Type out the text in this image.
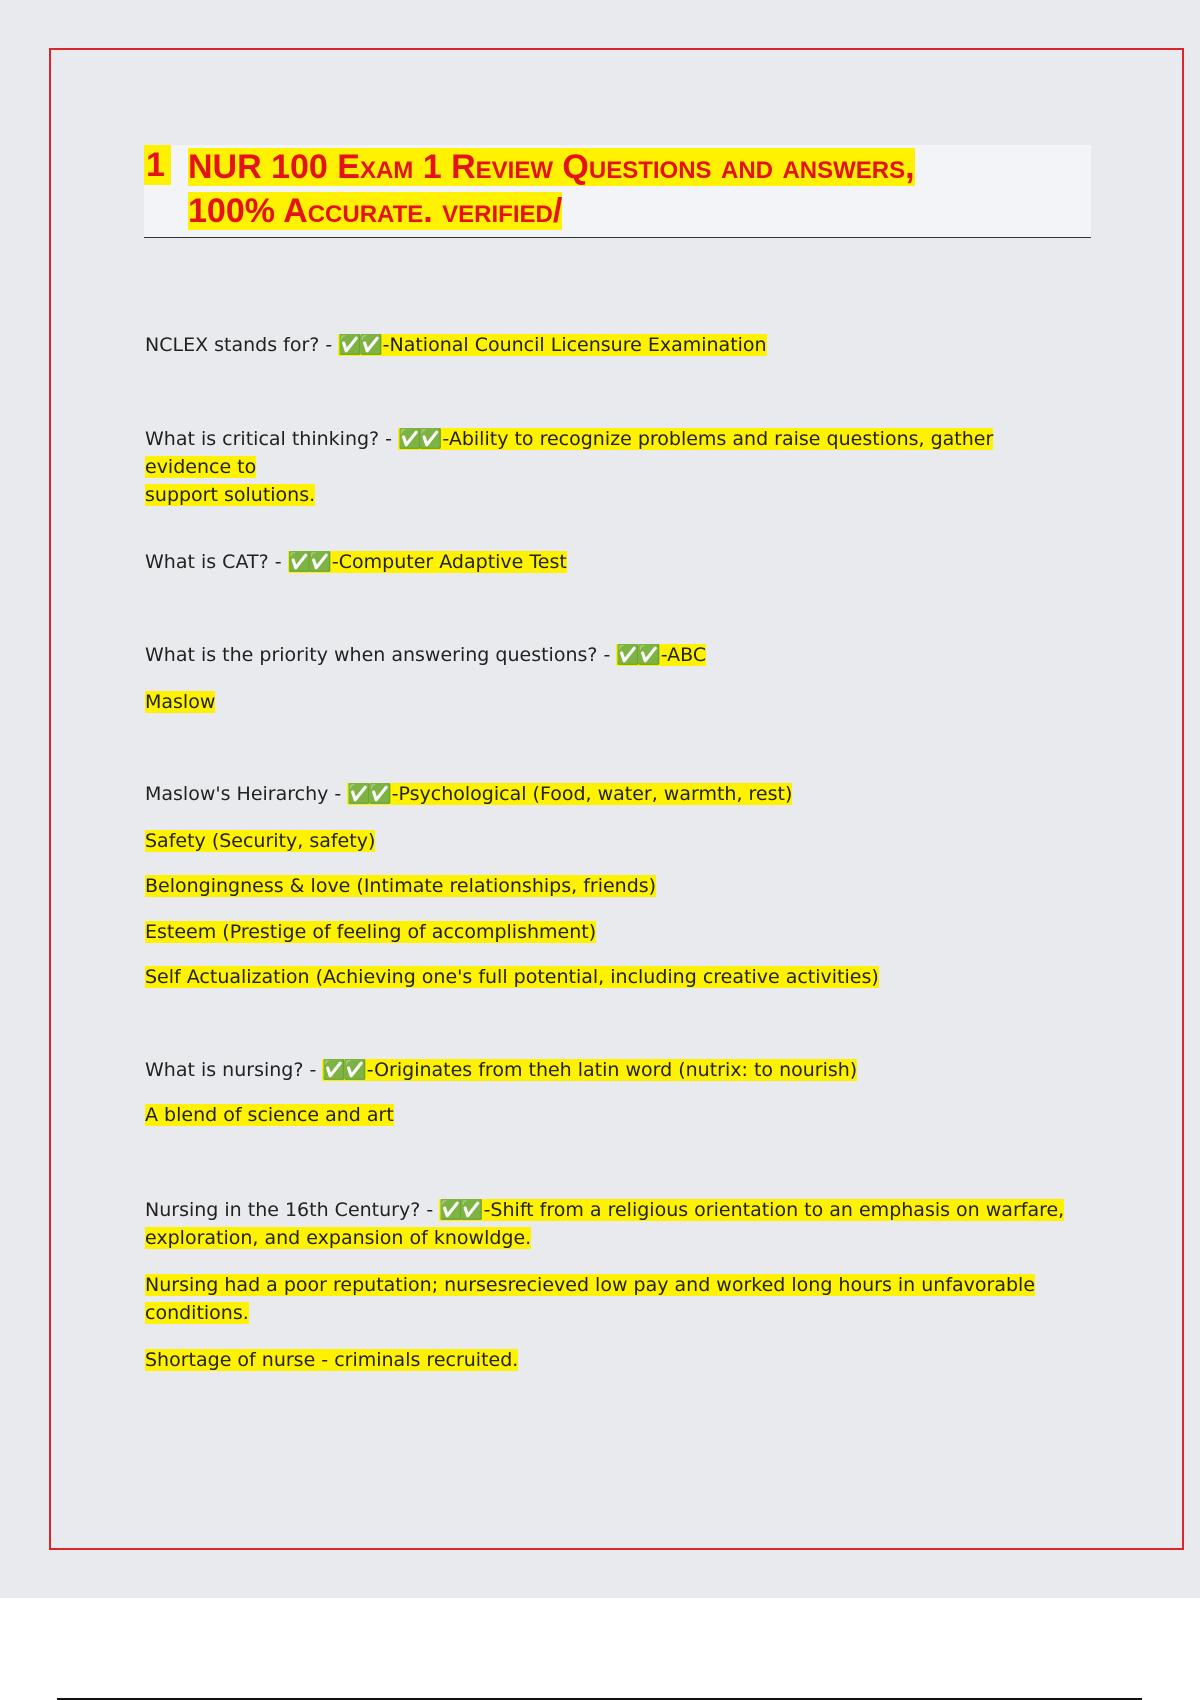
1 NUR 100 Exam 1 Review Questions and answers,
100% Accurate. verified/
NCLEX stands for? - ✅✅ -National Council Licensure Examination
What is critical thinking? - ✅✅ -Ability to recognize problems and raise questions, gather evidence to
support solutions.
What is CAT? - ✅✅ -Computer Adaptive Test
What is the priority when answering questions? - ✅✅ -ABC
Maslow
Maslow's Heirarchy - ✅✅ -Psychological (Food, water, warmth, rest)
Safety (Security, safety)
Belongingness & love (Intimate relationships, friends)
Esteem (Prestige of feeling of accomplishment)
Self Actualization (Achieving one's full potential, including creative activities)
What is nursing? - ✅✅ -Originates from theh latin word (nutrix: to nourish)
A blend of science and art
Nursing in the 16th Century? - ✅✅ -Shift from a religious orientation to an emphasis on warfare,
exploration, and expansion of knowldge.
Nursing had a poor reputation; nursesrecieved low pay and worked long hours in unfavorable
conditions.
Shortage of nurse - criminals recruited.
